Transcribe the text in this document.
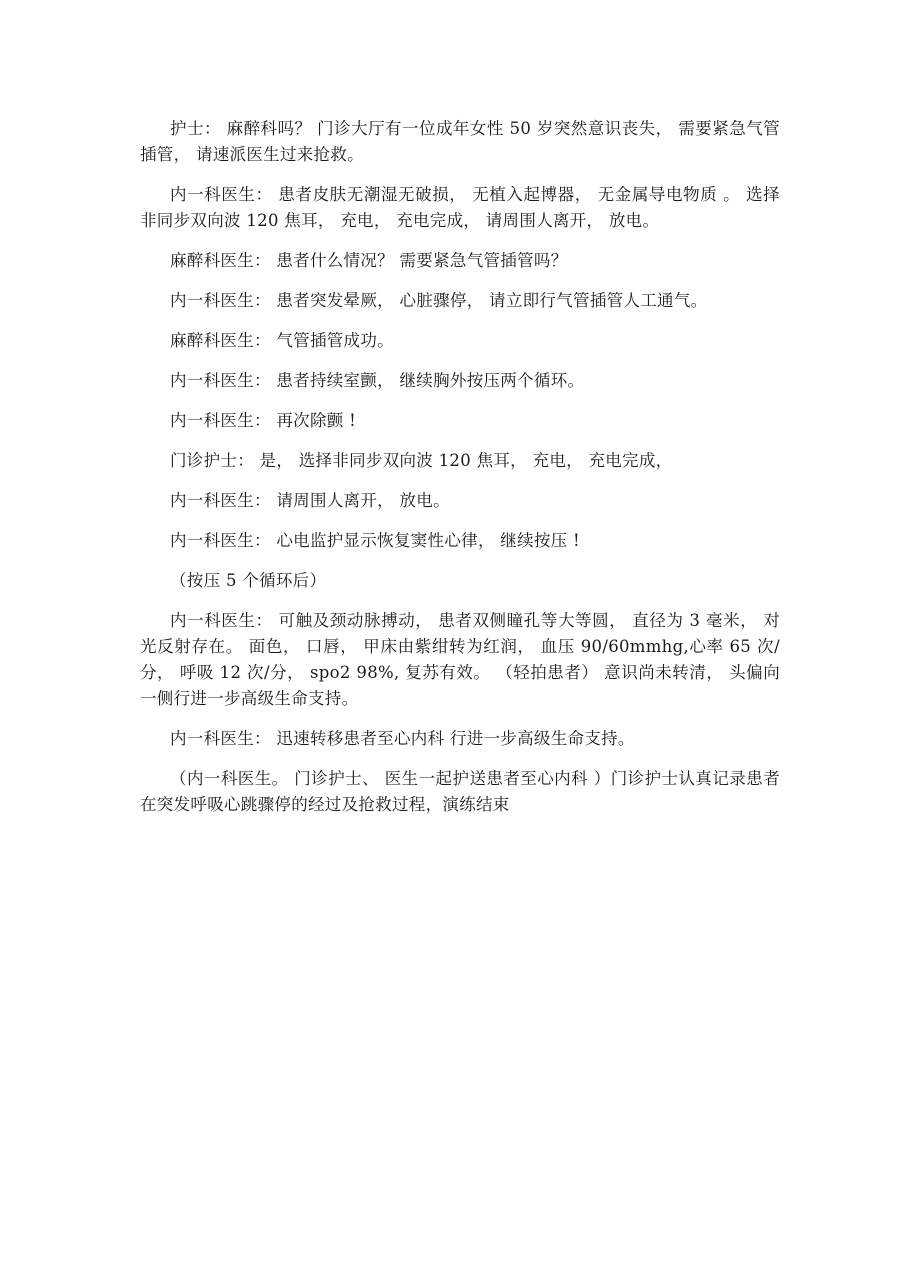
护士： 麻醉科吗？ 门诊大厅有一位成年女性 50 岁突然意识丧失， 需要紧急气管插管， 请速派医生过来抢救。

内一科医生： 患者皮肤无潮湿无破损， 无植入起博器， 无金属导电物质 。 选择非同步双向波 120 焦耳， 充电， 充电完成， 请周围人离开， 放电。

麻醉科医生： 患者什么情况？ 需要紧急气管插管吗？

内一科医生： 患者突发晕厥， 心脏骤停， 请立即行气管插管人工通气。

麻醉科医生： 气管插管成功。

内一科医生： 患者持续室颤， 继续胸外按压两个循环。

内一科医生： 再次除颤 !

门诊护士： 是， 选择非同步双向波 120 焦耳， 充电， 充电完成，

内一科医生： 请周围人离开， 放电。

内一科医生： 心电监护显示恢复窦性心律， 继续按压 !

（按压 5 个循环后）

内一科医生： 可触及颈动脉搏动， 患者双侧瞳孔等大等圆， 直径为 3 毫米， 对光反射存在。 面色， 口唇， 甲床由紫绀转为红润， 血压 90/60mmhg,心率 65 次/分， 呼吸 12 次/分， spo2 98%, 复苏有效。 （轻拍患者） 意识尚未转清， 头偏向一侧行进一步高级生命支持。

内一科医生： 迅速转移患者至心内科 行进一步高级生命支持。

（内一科医生。 门诊护士、 医生一起护送患者至心内科 ）门诊护士认真记录患者在突发呼吸心跳骤停的经过及抢救过程，演练结束
